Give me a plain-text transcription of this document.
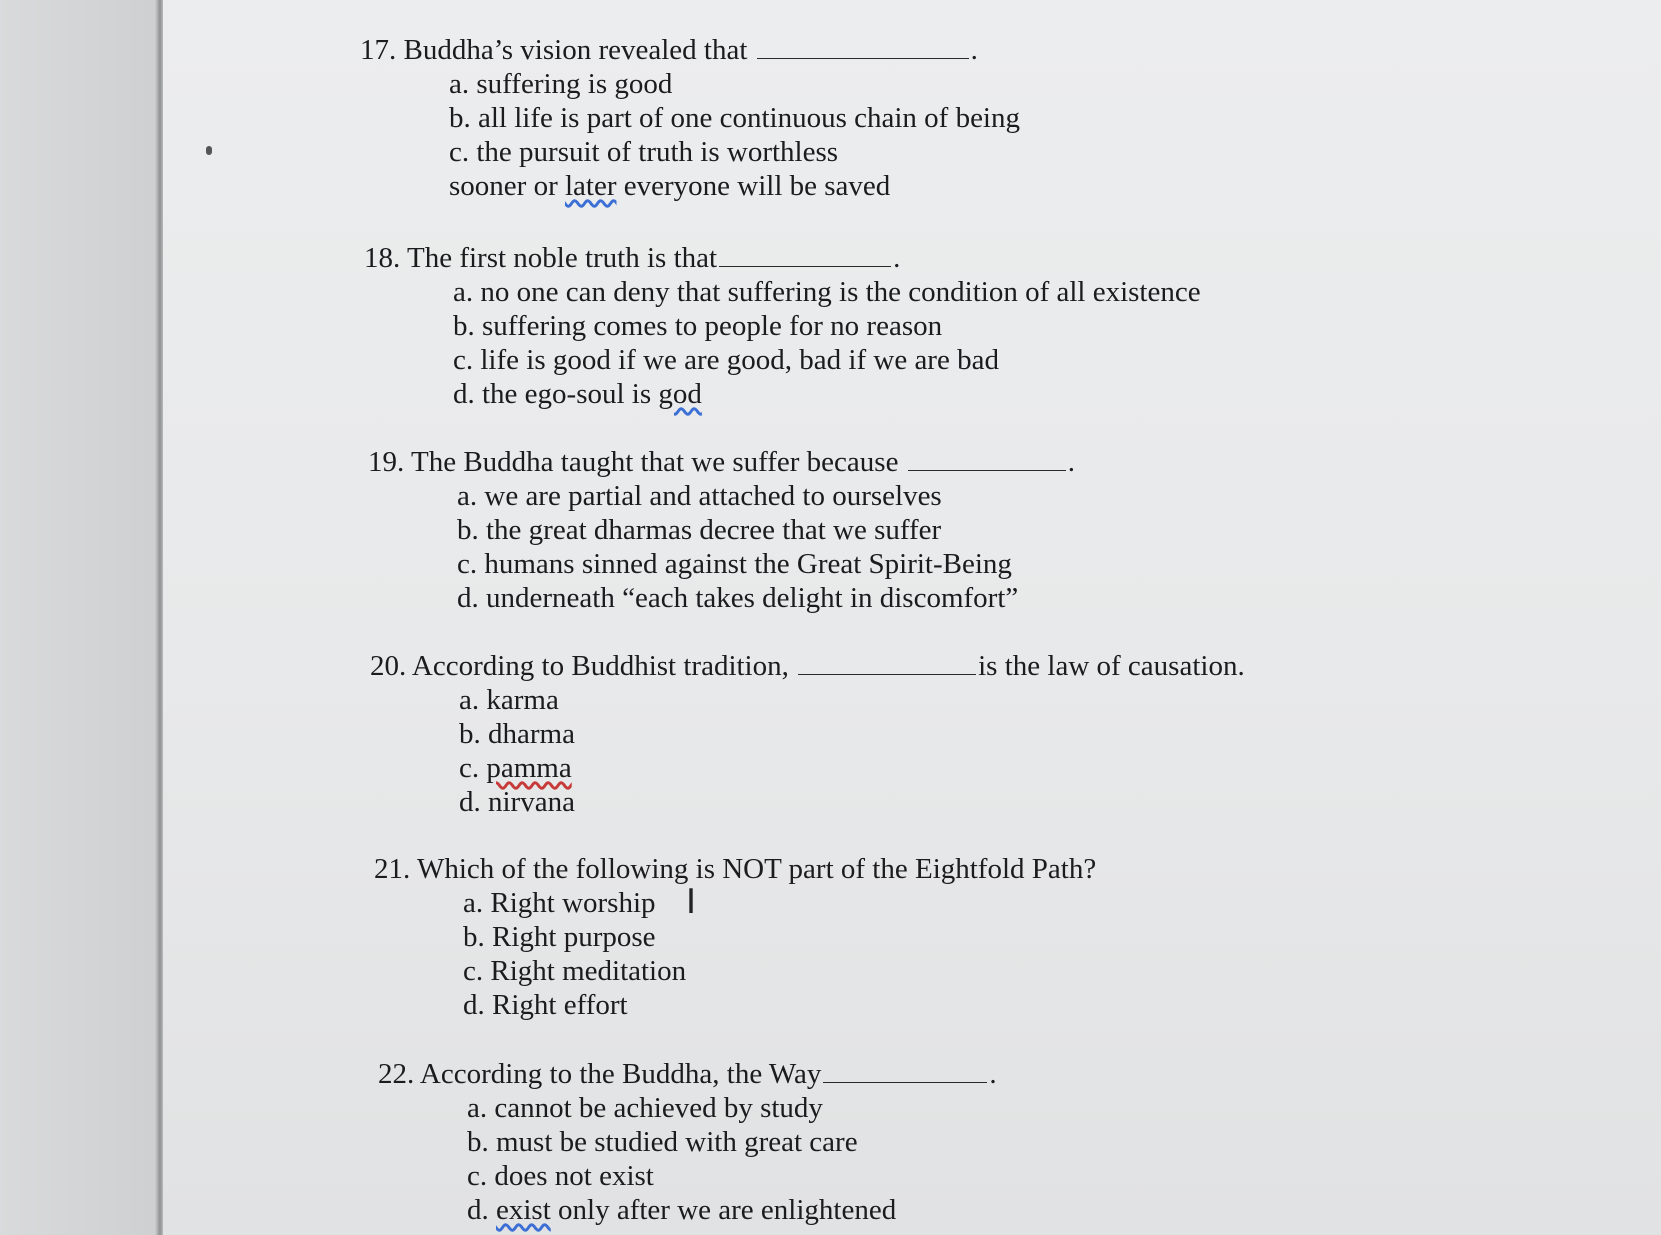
17. Buddha’s vision revealed that	.
a. suffering is good
b. all life is part of one continuous chain of being
c. the pursuit of truth is worthless
sooner or later everyone will be saved
18. The first noble truth is that	.
a. no one can deny that suffering is the condition of all existence
b. suffering comes to people for no reason
c. life is good if we are good, bad if we are bad
d. the ego-soul is god
19. The Buddha taught that we suffer because	.
a. we are partial and attached to ourselves
b. the great dharmas decree that we suffer
c. humans sinned against the Great Spirit-Being
d. underneath “each takes delight in discomfort”
20. According to Buddhist tradition,	is the law of causation.
a. karma
b. dharma
c. pamma
d. nirvana
21. Which of the following is NOT part of the Eightfold Path?
a. Right worship
b. Right purpose
c. Right meditation
d. Right effort
22. According to the Buddha, the Way	.
a. cannot be achieved by study
b. must be studied with great care
c. does not exist
d. exist only after we are enlightened
I
